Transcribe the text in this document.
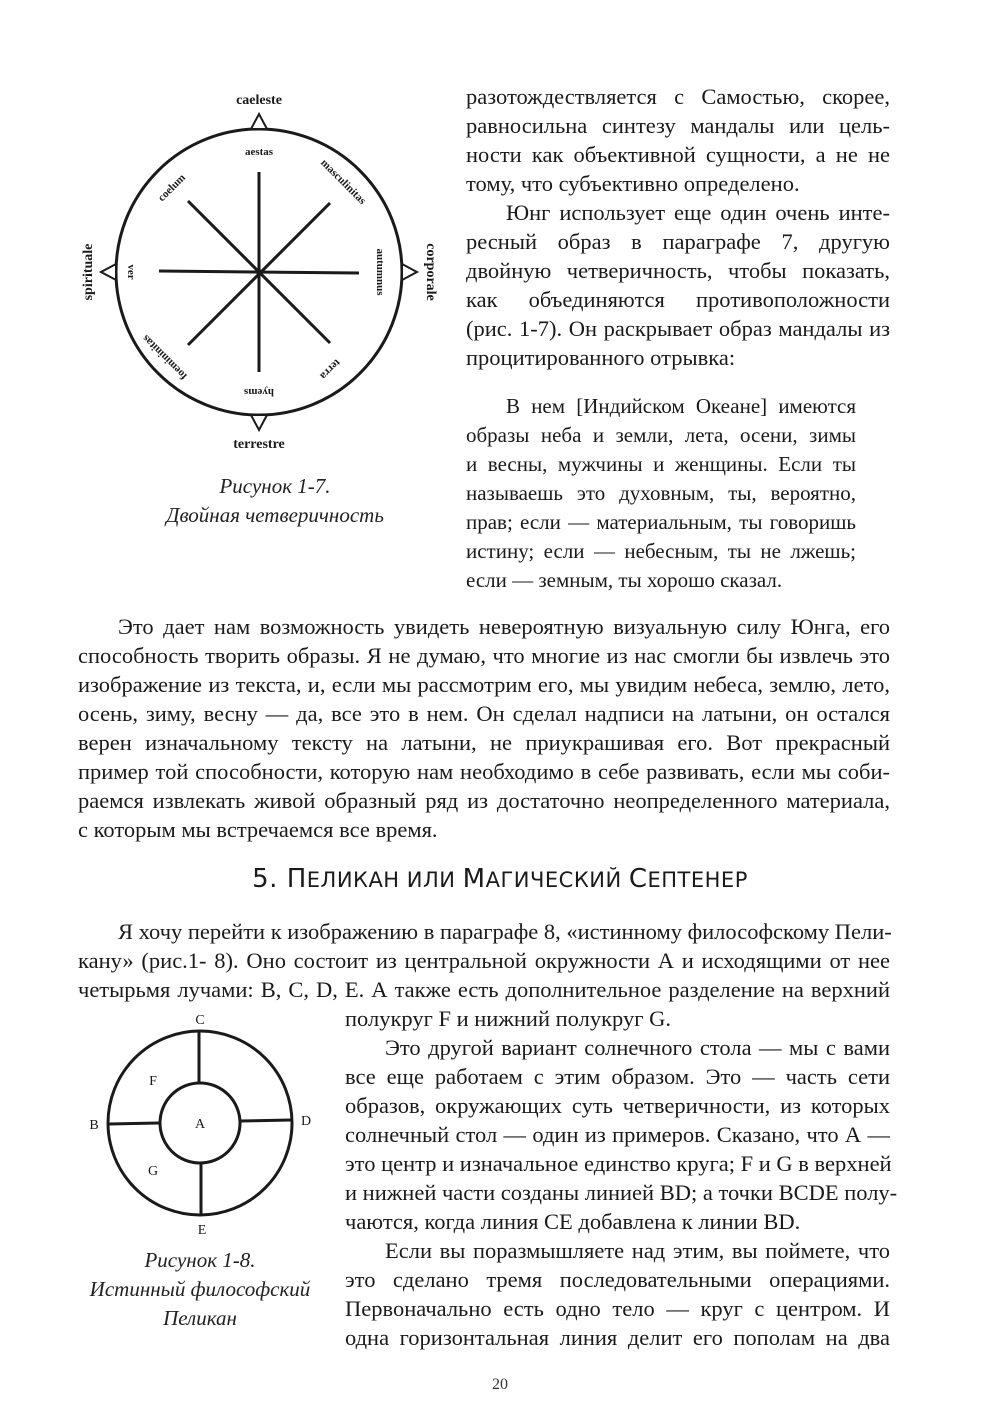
caeleste
terrestre
spirituale	corporale
aestas
coelum	masculinitas
ver	autumnus
foemininitas	terra
hyems
Рисунок 1-7.
Двойная четверичность
разотождествляется с Самостью, скорее,
равносильна синтезу мандалы или цель-
ности как объективной сущности, а не не
тому, что субъективно определено.
Юнг использует еще один очень инте-
ресный образ в параграфе 7, другую
двойную четверичность, чтобы показать,
как объединяются противоположности
(рис. 1-7). Он раскрывает образ мандалы из
процитированного отрывка:
В нем [Индийском Океане] имеются
образы неба и земли, лета, осени, зимы
и весны, мужчины и женщины. Если ты
называешь это духовным, ты, вероятно,
прав; если — материальным, ты говоришь
истину; если — небесным, ты не лжешь;
если — земным, ты хорошо сказал.
Это дает нам возможность увидеть невероятную визуальную силу Юнга, его
способность творить образы. Я не думаю, что многие из нас смогли бы извлечь это
изображение из текста, и, если мы рассмотрим его, мы увидим небеса, землю, лето,
осень, зиму, весну — да, все это в нем. Он сделал надписи на латыни, он остался
верен изначальному тексту на латыни, не приукрашивая его. Вот прекрасный
пример той способности, которую нам необходимо в себе развивать, если мы соби-
раемся извлекать живой образный ряд из достаточно неопределенного материала,
с которым мы встречаемся все время.
5. ПЕЛИКАН ИЛИ МАГИЧЕСКИЙ СЕПТЕНЕР
Я хочу перейти к изображению в параграфе 8, «истинному философскому Пели-
кану» (рис.1- 8). Оно состоит из центральной окружности А и исходящими от нее
четырьмя лучами: B, C, D, E. А также есть дополнительное разделение на верхний
C
E
B	D
A
F
G
Рисунок 1-8.
Истинный философский
Пеликан
полукруг F и нижний полукруг G.
Это другой вариант солнечного стола — мы с вами
все еще работаем с этим образом. Это — часть сети
образов, окружающих суть четверичности, из которых
солнечный стол — один из примеров. Сказано, что А —
это центр и изначальное единство круга; F и G в верхней
и нижней части созданы линией BD; а точки BCDE полу-
чаются, когда линия CE добавлена к линии BD.
Если вы поразмышляете над этим, вы поймете, что
это сделано тремя последовательными операциями.
Первоначально есть одно тело — круг с центром. И
одна горизонтальная линия делит его пополам на два
20
